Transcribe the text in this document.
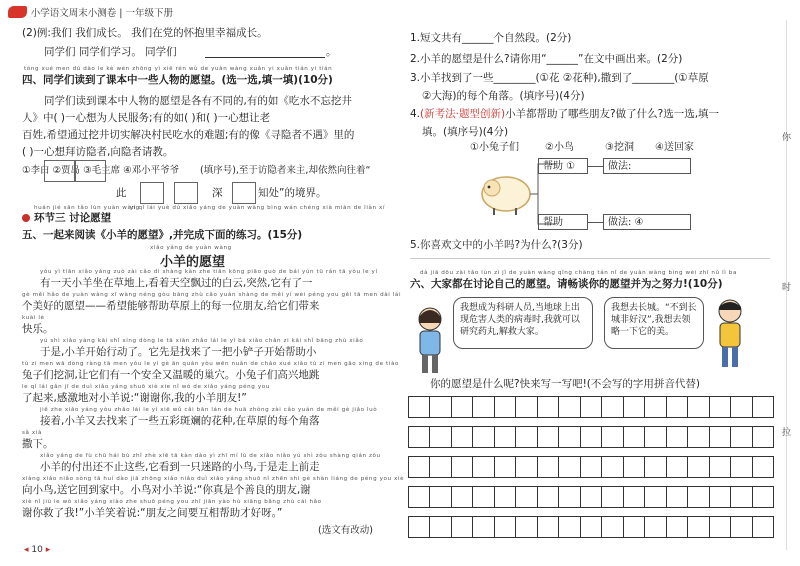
小学语文周末小测卷 | 一年级下册
(2)例:我们 我们成长。 我们在党的怀抱里幸福成长。
同学们 同学们学习。 同学们	。
tóng xué men dú dào le kè wén zhōng yì xiē rén wù de yuàn wàng xuǎn yi xuǎn tián yi tián
四、同学们读到了课本中一些人物的愿望。(选一选,填一填)(10分)
同学们读到课本中人物的愿望是各有不同的,有的如《吃水不忘挖井
人》中( )一心想为人民服务;有的如( )和( )一心想让老
百姓,希望通过挖井切实解决村民吃水的难题;有的像《寻隐者不遇》里的
( )一心想拜访隐者,向隐者请教。
①李白 ②贾岛 ③毛主席 ④邓小平爷爷 (填序号),至于访隐者来主,却依然向往着“
此	深	知处”的境界。
huán jié sān tǎo lùn yuàn wàng
环节三 讨论愿望
yì qǐ lái yuè dú xiǎo yáng de yuàn wàng bìng wán chéng xià miàn de liàn xí
五、一起来阅读《小羊的愿望》,并完成下面的练习。(15分)
xiǎo yáng de yuàn wàng
小羊的愿望
yǒu yì tiān xiǎo yáng zuò zài cǎo dì shàng kàn zhe tiān kōng piāo guò de bái yún tū rán tā yǒu le yí
有一天小羊坐在草地上,看着天空飘过的白云,突然,它有了一
gè měi hǎo de yuàn wàng xī wàng néng gòu bāng zhù cǎo yuán shàng de měi yí wèi péng you gěi tā men dài lái
个美好的愿望——希望能够帮助草原上的每一位朋友,给它们带来
kuài lè
快乐。
yú shì xiǎo yáng kāi shǐ xíng dòng le tā xiān zhǎo lái le yì bǎ xiǎo chǎn zi kāi shǐ bāng zhù xiǎo
于是,小羊开始行动了。它先是找来了一把小铲子开始帮助小
tù zi men wā dòng ràng tā men yǒu le yí gè ān quán yòu wēn nuǎn de cháo xué xiǎo tù zi men gāo xìng de tiào
兔子们挖洞,让它们有一个安全又温暖的巢穴。小兔子们高兴地跳
le qǐ lái gǎn jī de duì xiǎo yáng shuō xiè xie nǐ wǒ de xiǎo yáng péng you
了起来,感激地对小羊说:“谢谢你,我的小羊朋友!”
jiē zhe xiǎo yáng yòu zhǎo lái le yì xiē wǔ cǎi bān lán de huā zhǒng zài cǎo yuán de měi gè jiǎo luò
接着,小羊又去找来了一些五彩斑斓的花种,在草原的每个角落
sǎ xià
撒下。
xiǎo yáng de fù chū hái bù zhǐ zhè xiē tā kàn dào yì zhī mí lù de xiǎo niǎo yú shì zǒu shàng qián zǒu
小羊的付出还不止这些,它看到一只迷路的小鸟,于是走上前走
xiàng xiǎo niǎo sòng tā huí dào jiā zhōng xiǎo niǎo duì xiǎo yáng shuō nǐ zhēn shì gè shàn liáng de péng you xiè
向小鸟,送它回到家中。小鸟对小羊说:“你真是个善良的朋友,谢
xiè nǐ jiù le wǒ xiǎo yáng xiào zhe shuō péng you zhī jiān yào hù xiāng bāng zhù cái hǎo
谢你救了我!”小羊笑着说:“朋友之间要互相帮助才好呀。”
(选文有改动)
◂ 10 ▸
1.短文共有______个自然段。(2分)
2.小羊的愿望是什么?请你用“______”在文中画出来。(2分)
3.小羊找到了一些________(①花 ②花种),撒到了________(①草原
②大海)的每个角落。(填序号)(4分)
4.(新考法·题型创新)小羊都帮助了哪些朋友?做了什么?选一选,填一
填。(填序号)(4分)
①小兔子们	②小鸟	③挖洞 ④送回家
帮助 ①	做法:
帮助	做法: ④
5.你喜欢文中的小羊吗?为什么?(3分)
dà jiā dōu zài tǎo lùn zì jǐ de yuàn wàng qǐng chàng tán nǐ de yuàn wàng bìng wèi zhī nǔ lì ba
六、大家都在讨论自己的愿望。请畅谈你的愿望并为之努力!(10分)
我想成为科研人员,当地球上出现危害人类的病毒时,我就可以研究药丸,解救大家。
我想去长城。“不到长城非好汉”,我想去领略一下它的美。
你的愿望是什么呢?快来写一写吧!(不会写的字用拼音代替)
你
时
拉
